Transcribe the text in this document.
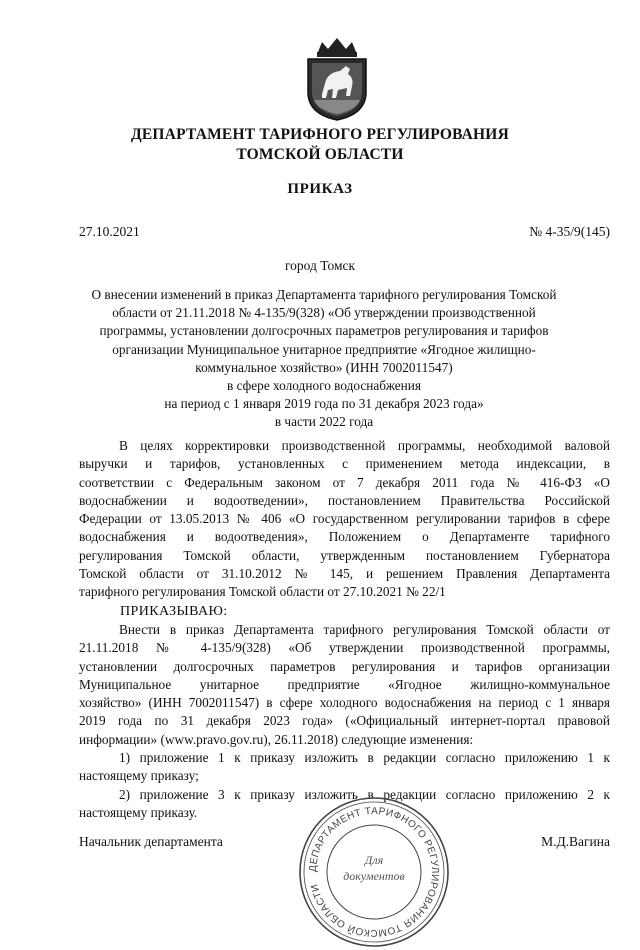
ДЕПАРТАМЕНТ ТАРИФНОГО РЕГУЛИРОВАНИЯ
ТОМСКОЙ ОБЛАСТИ
ПРИКАЗ
27.10.2021	№ 4-35/9(145)
город Томск
О внесении изменений в приказ Департамента тарифного регулирования Томской
области от 21.11.2018 № 4-135/9(328) «Об утверждении производственной
программы, установлении долгосрочных параметров регулирования и тарифов
организации Муниципальное унитарное предприятие «Ягодное жилищно-
коммунальное хозяйство» (ИНН 7002011547)
в сфере холодного водоснабжения
на период с 1 января 2019 года по 31 декабря 2023 года»
в части 2022 года
В целях корректировки производственной программы, необходимой валовой
выручки и тарифов, установленных с применением метода индексации, в
соответствии с Федеральным законом от 7 декабря 2011 года № 416-ФЗ «О
водоснабжении и водоотведении», постановлением Правительства Российской
Федерации от 13.05.2013 № 406 «О государственном регулировании тарифов в сфере
водоснабжения и водоотведения», Положением о Департаменте тарифного
регулирования Томской области, утвержденным постановлением Губернатора
Томской области от 31.10.2012 № 145, и решением Правления Департамента
тарифного регулирования Томской области от 27.10.2021 № 22/1
ПРИКАЗЫВАЮ:
Внести в приказ Департамента тарифного регулирования Томской области от
21.11.2018 № 4-135/9(328) «Об утверждении производственной программы,
установлении долгосрочных параметров регулирования и тарифов организации
Муниципальное унитарное предприятие «Ягодное жилищно-коммунальное
хозяйство» (ИНН 7002011547) в сфере холодного водоснабжения на период с 1 января
2019 года по 31 декабря 2023 года» («Официальный интернет-портал правовой
информации» (www.pravo.gov.ru), 26.11.2018) следующие изменения:
1) приложение 1 к приказу изложить в редакции согласно приложению 1 к
настоящему приказу;
2) приложение 3 к приказу изложить в редакции согласно приложению 2 к
настоящему приказу.
Начальник департамента	М.Д.Вагина
ДЕПАРТАМЕНТ ТАРИФНОГО РЕГУЛИРОВАНИЯ ТОМСКОЙ ОБЛАСТИ
Для
документов
